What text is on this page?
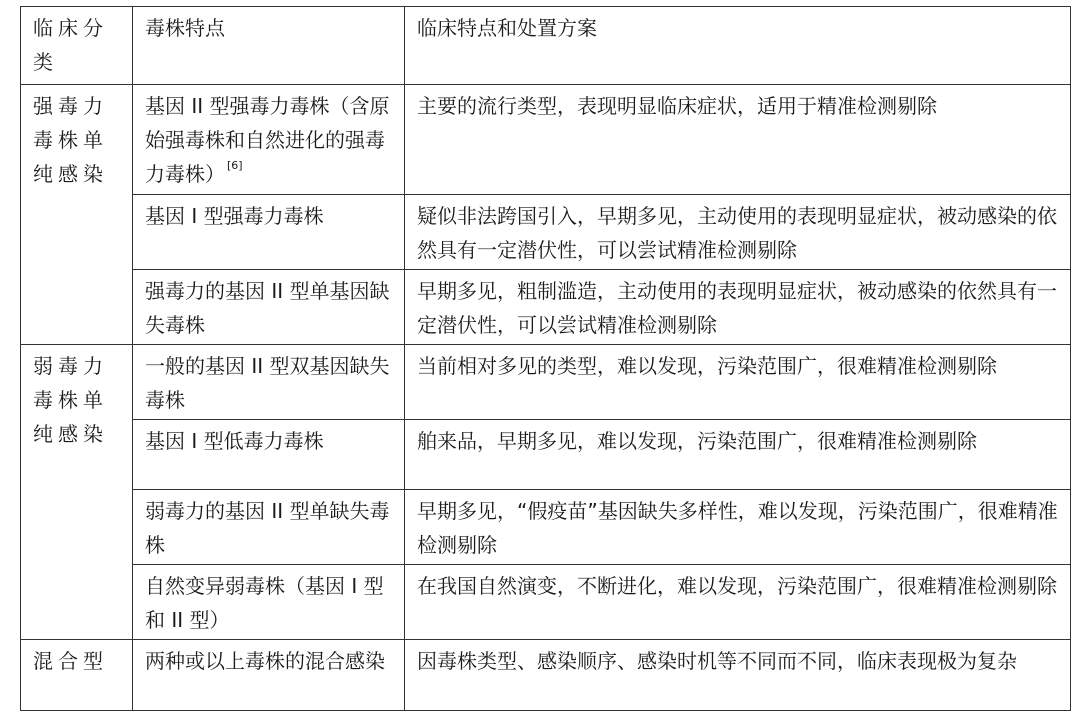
临床分类	毒株特点	临床特点和处置方案
强毒力毒株单纯感染	基因 II 型强毒力毒株（含原始强毒株和自然进化的强毒力毒株） [6]	主要的流行类型，表现明显临床症状，适用于精准检测剔除
	基因 I 型强毒力毒株	疑似非法跨国引入，早期多见，主动使用的表现明显症状，被动感染的依然具有一定潜伏性，可以尝试精准检测剔除
	强毒力的基因 II 型单基因缺失毒株	早期多见，粗制滥造，主动使用的表现明显症状，被动感染的依然具有一定潜伏性，可以尝试精准检测剔除
弱毒力毒株单纯感染	一般的基因 II 型双基因缺失毒株	当前相对多见的类型，难以发现，污染范围广，很难精准检测剔除
	基因 I 型低毒力毒株	舶来品，早期多见，难以发现，污染范围广，很难精准检测剔除
	弱毒力的基因 II 型单缺失毒株	早期多见，“假疫苗”基因缺失多样性，难以发现，污染范围广，很难精准检测剔除
	自然变异弱毒株（基因 I 型和 II 型）	在我国自然演变，不断进化，难以发现，污染范围广，很难精准检测剔除
混合型	两种或以上毒株的混合感染	因毒株类型、感染顺序、感染时机等不同而不同，临床表现极为复杂
